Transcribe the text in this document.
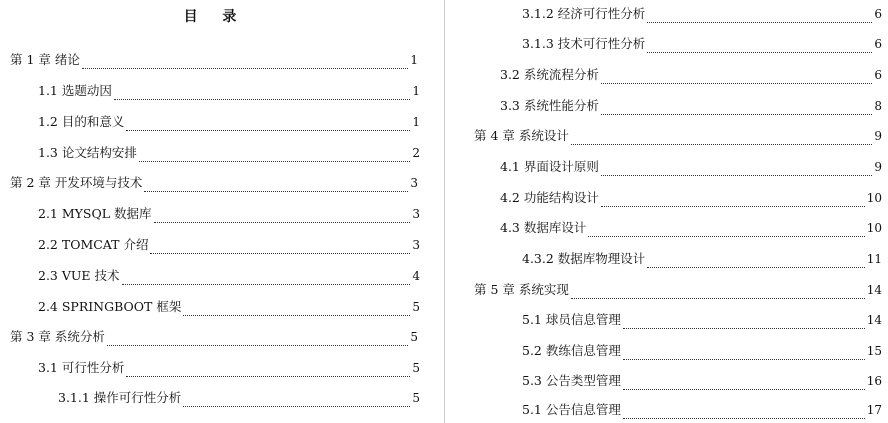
目 录
第 1 章 绪论	1
1.1 选题动因	1
1.2 目的和意义	1
1.3 论文结构安排	2
第 2 章 开发环境与技术	3
2.1 MYSQL 数据库	3
2.2 TOMCAT 介绍	3
2.3 VUE 技术	4
2.4 SPRINGBOOT 框架	5
第 3 章 系统分析	5
3.1 可行性分析	5
3.1.1 操作可行性分析	5
3.1.2 经济可行性分析	6
3.1.3 技术可行性分析	6
3.2 系统流程分析	6
3.3 系统性能分析	8
第 4 章 系统设计	9
4.1 界面设计原则	9
4.2 功能结构设计	10
4.3 数据库设计	10
4.3.2 数据库物理设计	11
第 5 章 系统实现	14
5.1 球员信息管理	14
5.2 教练信息管理	15
5.3 公告类型管理	16
5.1 公告信息管理	17
